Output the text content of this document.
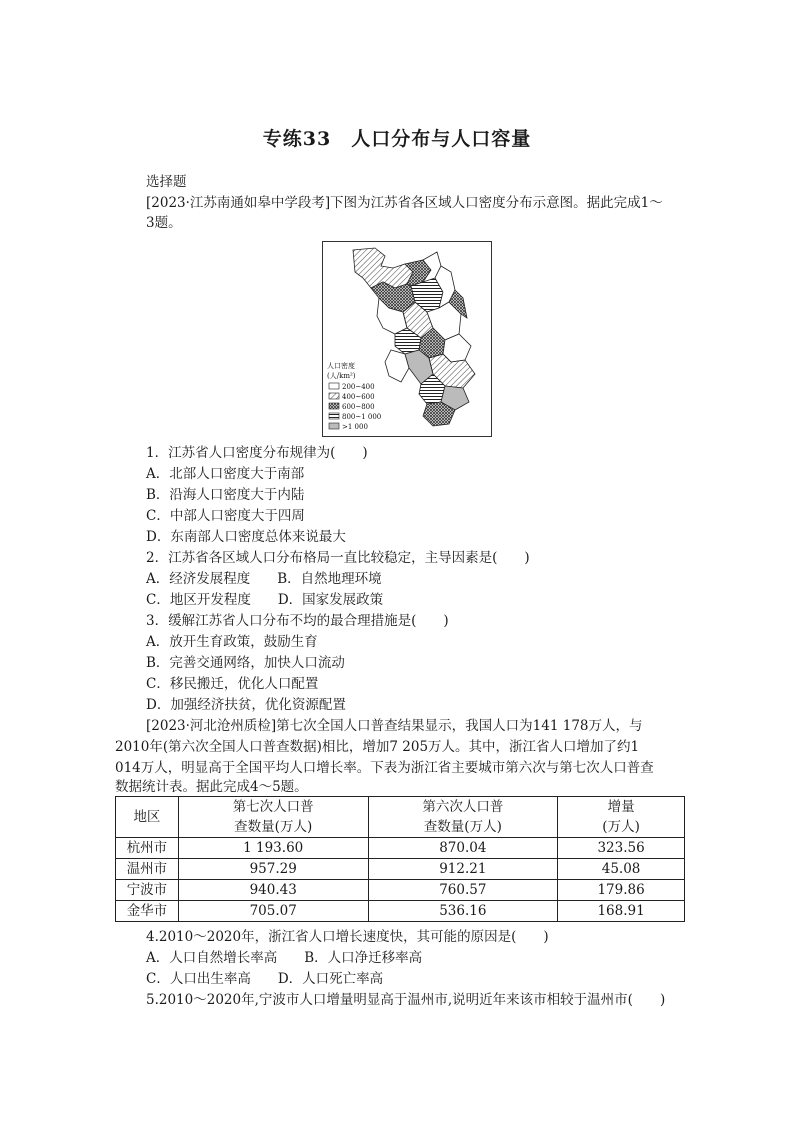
专练33　人口分布与人口容量
选择题
[2023·江苏南通如皋中学段考]下图为江苏省各区域人口密度分布示意图。据此完成1～
3题。
人口密度
(人/km²)
200~400
400~600
600~800
800~1 000
>1 000
1．江苏省人口密度分布规律为(　　)
A．北部人口密度大于南部
B．沿海人口密度大于内陆
C．中部人口密度大于四周
D．东南部人口密度总体来说最大
2．江苏省各区域人口分布格局一直比较稳定，主导因素是(　　)
A．经济发展程度　　B．自然地理环境
C．地区开发程度　　D．国家发展政策
3．缓解江苏省人口分布不均的最合理措施是(　　)
A．放开生育政策，鼓励生育
B．完善交通网络，加快人口流动
C．移民搬迁，优化人口配置
D．加强经济扶贫，优化资源配置
[2023·河北沧州质检]第七次全国人口普查结果显示，我国人口为141 178万人，与
2010年(第六次全国人口普查数据)相比，增加7 205万人。其中，浙江省人口增加了约1
014万人，明显高于全国平均人口增长率。下表为浙江省主要城市第六次与第七次人口普查
数据统计表。据此完成4～5题。
地区	第七次人口普
查数量(万人)	第六次人口普
查数量(万人)	增量
(万人)
杭州市	1 193.60	870.04	323.56
温州市	957.29	912.21	45.08
宁波市	940.43	760.57	179.86
金华市	705.07	536.16	168.91
4.2010～2020年，浙江省人口增长速度快，其可能的原因是(　　)
A．人口自然增长率高　　B．人口净迁移率高
C．人口出生率高　　D．人口死亡率高
5.2010～2020年,宁波市人口增量明显高于温州市,说明近年来该市相较于温州市(　　)
